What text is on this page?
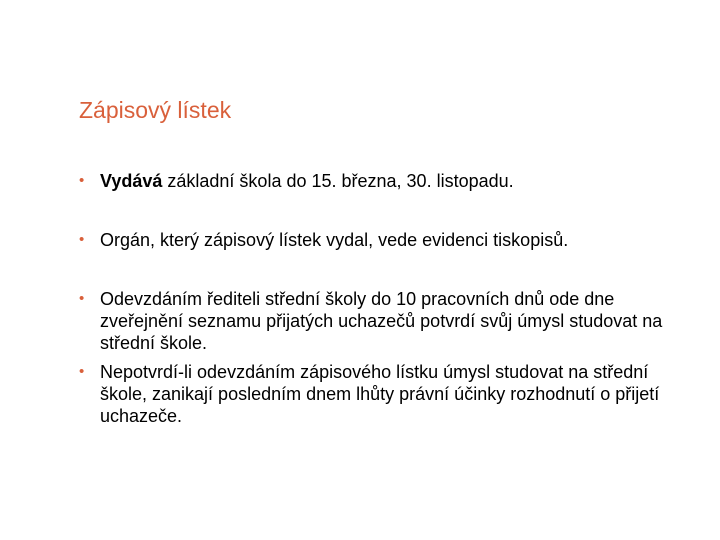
Zápisový lístek
• Vydává základní škola do 15. března, 30. listopadu.
• Orgán, který zápisový lístek vydal, vede evidenci tiskopisů.
• Odevzdáním řediteli střední školy do 10 pracovních dnů ode dne zveřejnění seznamu přijatých uchazečů potvrdí svůj úmysl studovat na střední škole.
• Nepotvrdí-li odevzdáním zápisového lístku úmysl studovat na střední škole, zanikají posledním dnem lhůty právní účinky rozhodnutí o přijetí uchazeče.
